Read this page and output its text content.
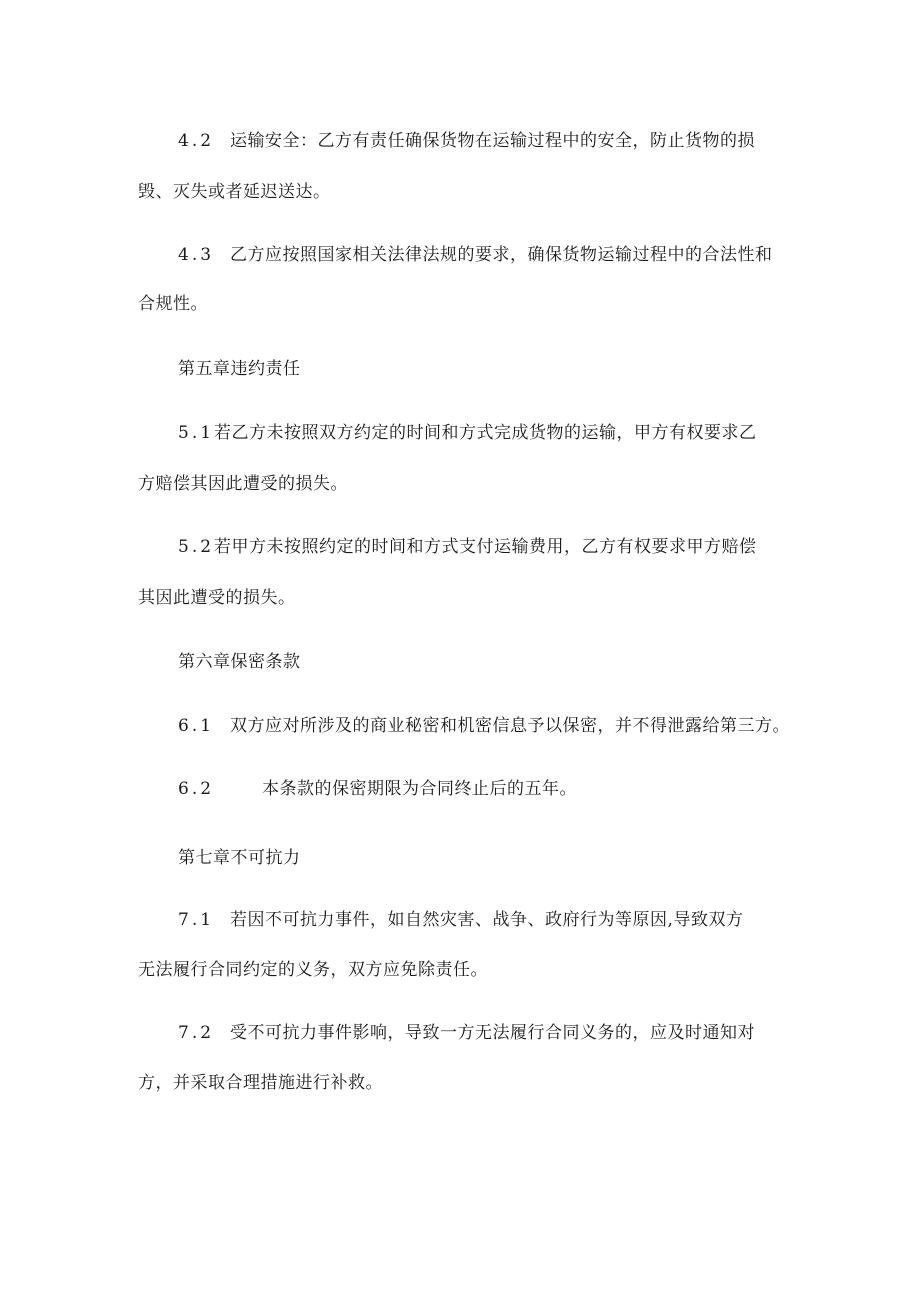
4.2 运输安全：乙方有责任确保货物在运输过程中的安全，防止货物的损
毁、灭失或者延迟送达。
4.3 乙方应按照国家相关法律法规的要求，确保货物运输过程中的合法性和
合规性。
第五章违约责任
5.1若乙方未按照双方约定的时间和方式完成货物的运输，甲方有权要求乙
方赔偿其因此遭受的损失。
5.2若甲方未按照约定的时间和方式支付运输费用，乙方有权要求甲方赔偿
其因此遭受的损失。
第六章保密条款
6.1 双方应对所涉及的商业秘密和机密信息予以保密，并不得泄露给第三方。
6.2	本条款的保密期限为合同终止后的五年。
第七章不可抗力
7.1 若因不可抗力事件，如自然灾害、战争、政府行为等原因,导致双方
无法履行合同约定的义务，双方应免除责任。
7.2 受不可抗力事件影响，导致一方无法履行合同义务的，应及时通知对
方，并采取合理措施进行补救。
